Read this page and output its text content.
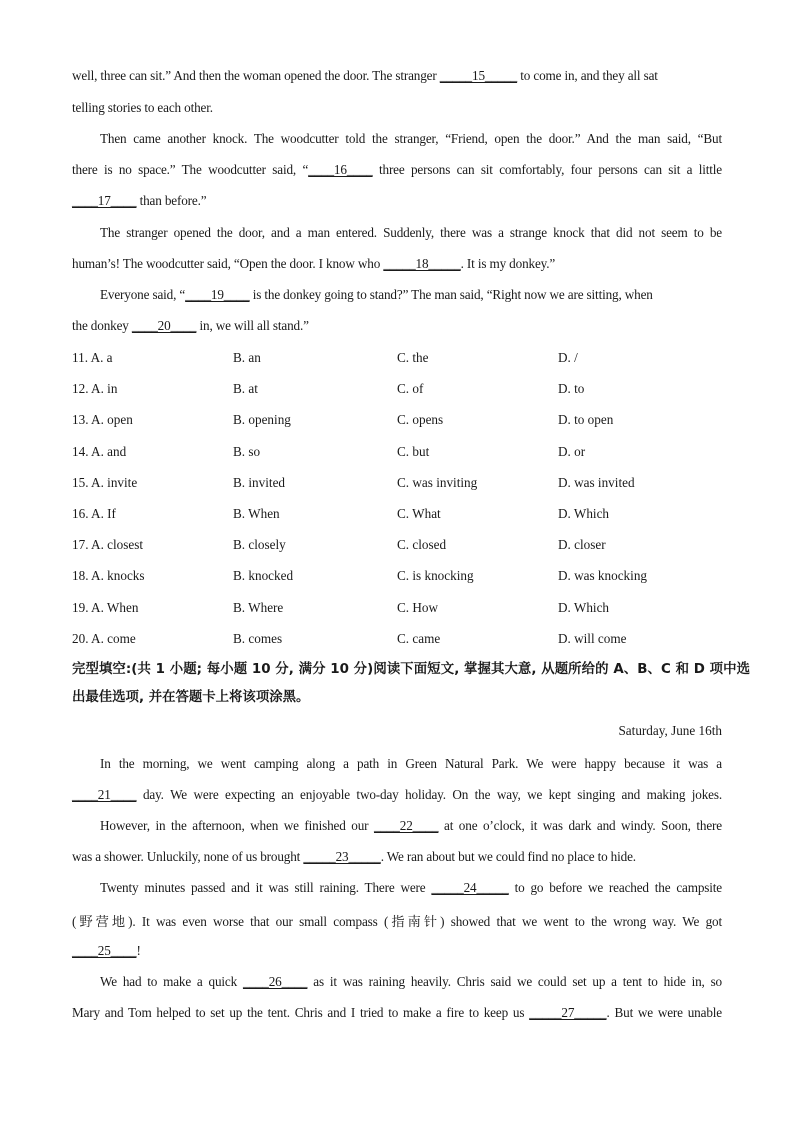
well, three can sit.” And then the woman opened the door. The stranger _____15_____ to come in, and they all sat
telling stories to each other.
Then came another knock. The woodcutter told the stranger, “Friend, open the door.” And the man said, “But
there is no space.” The woodcutter said, “____16____ three persons can sit comfortably, four persons can sit a little
____17____ than before.”
The stranger opened the door, and a man entered. Suddenly, there was a strange knock that did not seem to be
human’s! The woodcutter said, “Open the door. I know who _____18_____. It is my donkey.”
Everyone said, “____19____ is the donkey going to stand?” The man said, “Right now we are sitting, when
the donkey ____20____ in, we will all stand.”
11. A. a	B. an	C. the	D. /
12. A. in	B. at	C. of	D. to
13. A. open	B. opening	C. opens	D. to open
14. A. and	B. so	C. but	D. or
15. A. invite	B. invited	C. was inviting	D. was invited
16. A. If	B. When	C. What	D. Which
17. A. closest	B. closely	C. closed	D. closer
18. A. knocks	B. knocked	C. is knocking	D. was knocking
19. A. When	B. Where	C. How	D. Which
20. A. come	B. comes	C. came	D. will come
完型填空:(共 1 小题; 每小题 10 分, 满分 10 分)阅读下面短文, 掌握其大意, 从题所给的 A、B、C 和 D 项中选出最佳选项, 并在答题卡上将该项涂黑。
Saturday, June 16th
In the morning, we went camping along a path in Green Natural Park. We were happy because it was a
____21____ day. We were expecting an enjoyable two-day holiday. On the way, we kept singing and making jokes.
However, in the afternoon, when we finished our ____22____ at one o’clock, it was dark and windy. Soon, there
was a shower. Unluckily, none of us brought _____23_____. We ran about but we could find no place to hide.
Twenty minutes passed and it was still raining. There were _____24_____ to go before we reached the campsite
(野营地). It was even worse that our small compass (指南针) showed that we went to the wrong way. We got
____25____!
We had to make a quick ____26____ as it was raining heavily. Chris said we could set up a tent to hide in, so
Mary and Tom helped to set up the tent. Chris and I tried to make a fire to keep us _____27_____. But we were unable
